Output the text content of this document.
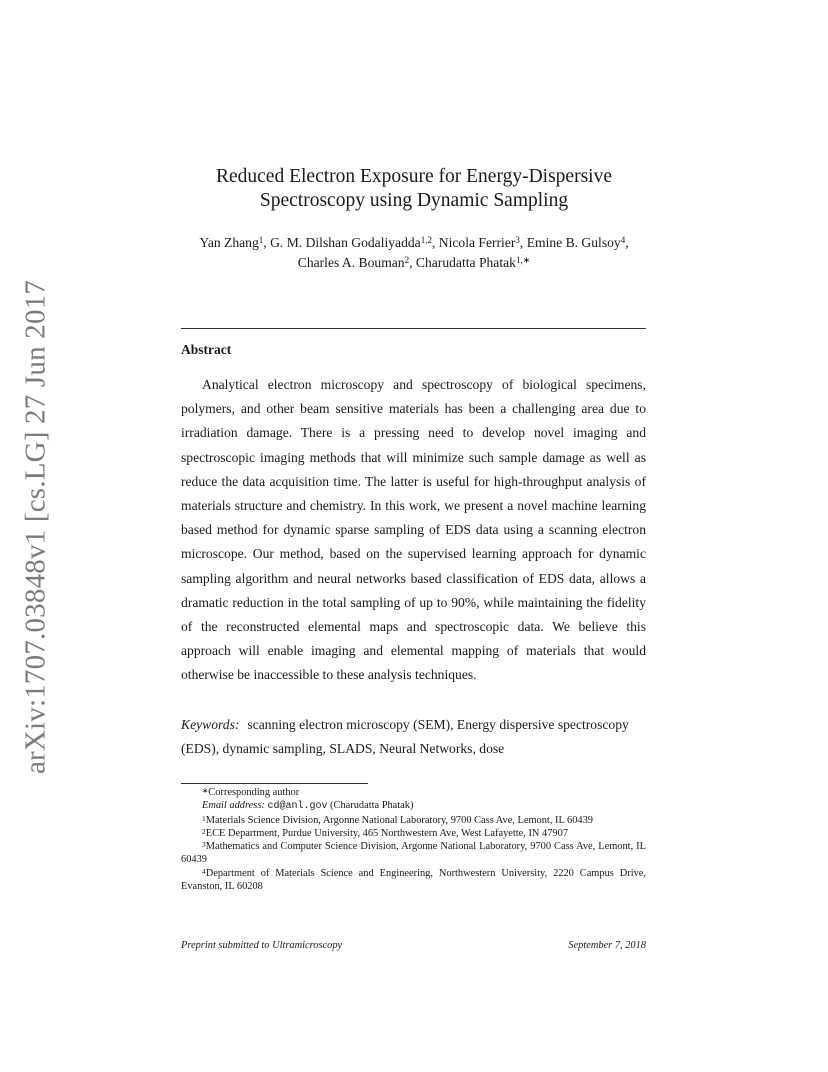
arXiv:1707.03848v1 [cs.LG] 27 Jun 2017
Reduced Electron Exposure for Energy-Dispersive
Spectroscopy using Dynamic Sampling
Yan Zhang$^1$, G. M. Dilshan Godaliyadda$^{1,2}$, Nicola Ferrier$^3$, Emine B. Gulsoy$^4$, Charles A. Bouman$^2$, Charudatta Phatak$^{1,∗}$
Abstract

Analytical electron microscopy and spectroscopy of biological specimens, polymers, and other beam sensitive materials has been a challenging area due to irradiation damage. There is a pressing need to develop novel imaging and spectroscopic imaging methods that will minimize such sample damage as well as reduce the data acquisition time. The latter is useful for high-throughput analysis of materials structure and chemistry. In this work, we present a novel machine learning based method for dynamic sparse sampling of EDS data using a scanning electron microscope. Our method, based on the supervised learning approach for dynamic sampling algorithm and neural networks based classification of EDS data, allows a dramatic reduction in the total sampling of up to 90%, while maintaining the fidelity of the reconstructed elemental maps and spectroscopic data. We believe this approach will enable imaging and elemental mapping of materials that would otherwise be inaccessible to these analysis techniques.

Keywords: scanning electron microscopy (SEM), Energy dispersive spectroscopy (EDS), dynamic sampling, SLADS, Neural Networks, dose

∗Corresponding author

Email address: cd@anl.gov (Charudatta Phatak)

$^1$Materials Science Division, Argonne National Laboratory, 9700 Cass Ave, Lemont, IL 60439

$^2$ECE Department, Purdue University, 465 Northwestern Ave, West Lafayette, IN 47907

$^3$Mathematics and Computer Science Division, Argonne National Laboratory, 9700 Cass Ave, Lemont, IL 60439

$^4$Department of Materials Science and Engineering, Northwestern University, 2220 Campus Drive, Evanston, IL 60208

Preprint submitted to Ultramicroscopy	September 7, 2018
